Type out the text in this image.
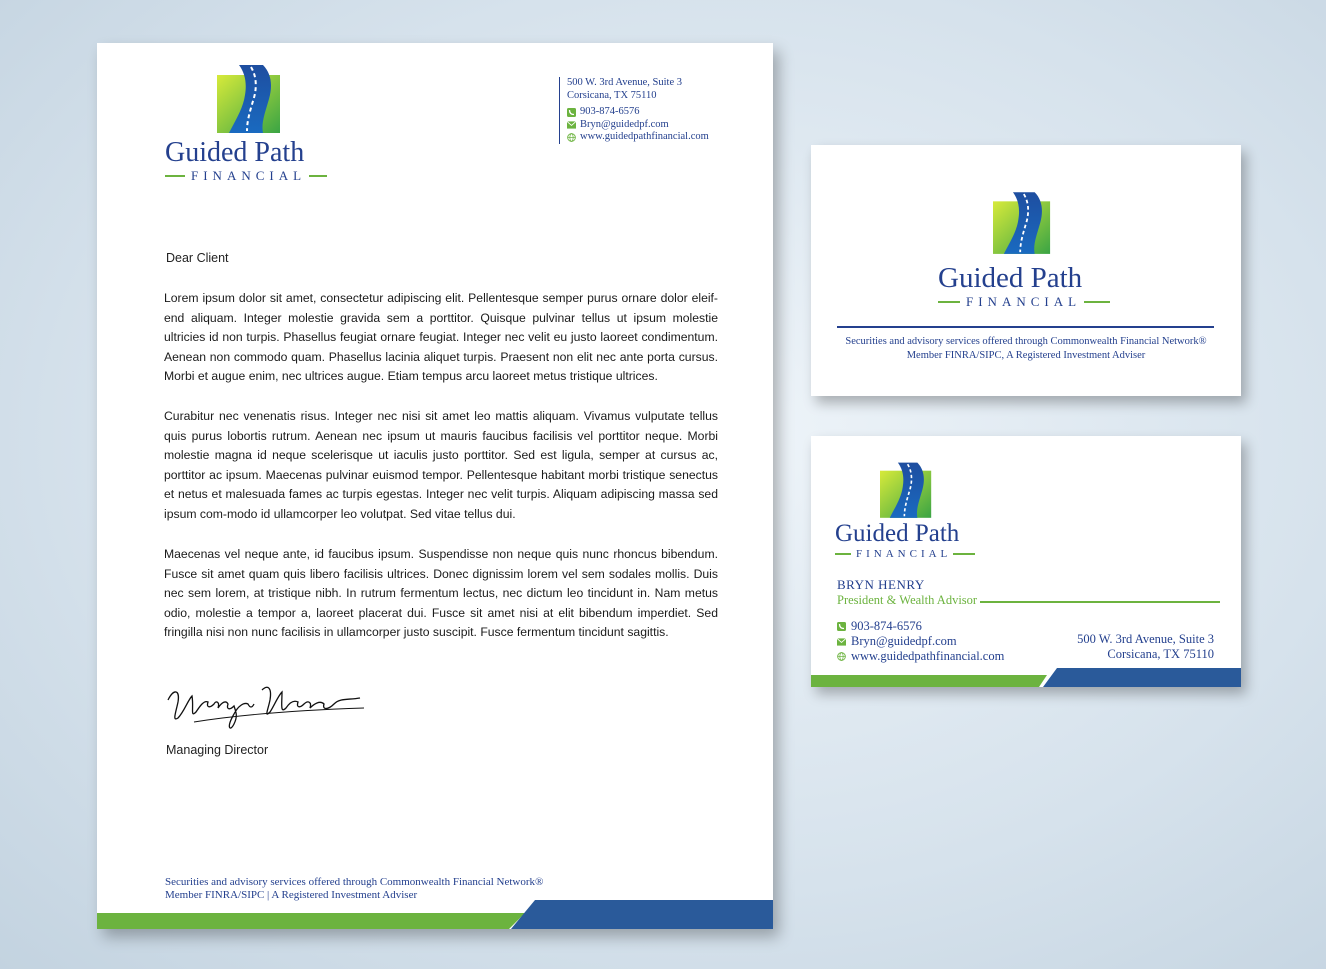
Guided Path
FINANCIAL
500 W. 3rd Avenue, Suite 3
Corsicana, TX 75110
903-874-6576
Bryn@guidedpf.com
www.guidedpathfinancial.com
Dear Client
Lorem ipsum dolor sit amet, consectetur adipiscing elit. Pellentesque semper purus ornare dolor eleif-end aliquam. Integer molestie gravida sem a porttitor. Quisque pulvinar tellus ut ipsum molestie ultricies id non turpis. Phasellus feugiat ornare feugiat. Integer nec velit eu justo laoreet condimentum. Aenean non commodo quam. Phasellus lacinia aliquet turpis. Praesent non elit nec ante porta cursus. Morbi et augue enim, nec ultrices augue. Etiam tempus arcu laoreet metus tristique ultrices.
Curabitur nec venenatis risus. Integer nec nisi sit amet leo mattis aliquam. Vivamus vulputate tellus quis purus lobortis rutrum. Aenean nec ipsum ut mauris faucibus facilisis vel porttitor neque. Morbi molestie magna id neque scelerisque ut iaculis justo porttitor. Sed est ligula, semper at cursus ac, porttitor ac ipsum. Maecenas pulvinar euismod tempor. Pellentesque habitant morbi tristique senectus et netus et malesuada fames ac turpis egestas. Integer nec velit turpis. Aliquam adipiscing massa sed ipsum com-modo id ullamcorper leo volutpat. Sed vitae tellus dui.
Maecenas vel neque ante, id faucibus ipsum. Suspendisse non neque quis nunc rhoncus bibendum. Fusce sit amet quam quis libero facilisis ultrices. Donec dignissim lorem vel sem sodales mollis. Duis nec sem lorem, at tristique nibh. In rutrum fermentum lectus, nec dictum leo tincidunt in. Nam metus odio, molestie a tempor a, laoreet placerat dui. Fusce sit amet nisi at elit bibendum imperdiet. Sed fringilla nisi non nunc facilisis in ullamcorper justo suscipit. Fusce fermentum tincidunt sagittis.
Managing Director
Securities and advisory services offered through Commonwealth Financial Network®
Member FINRA/SIPC | A Registered Investment Adviser
Guided Path
FINANCIAL
Securities and advisory services offered through Commonwealth Financial Network®
Member FINRA/SIPC, A Registered Investment Adviser
Guided Path
FINANCIAL
BRYN HENRY
President & Wealth Advisor
903-874-6576
Bryn@guidedpf.com
www.guidedpathfinancial.com
500 W. 3rd Avenue, Suite 3
Corsicana, TX 75110
